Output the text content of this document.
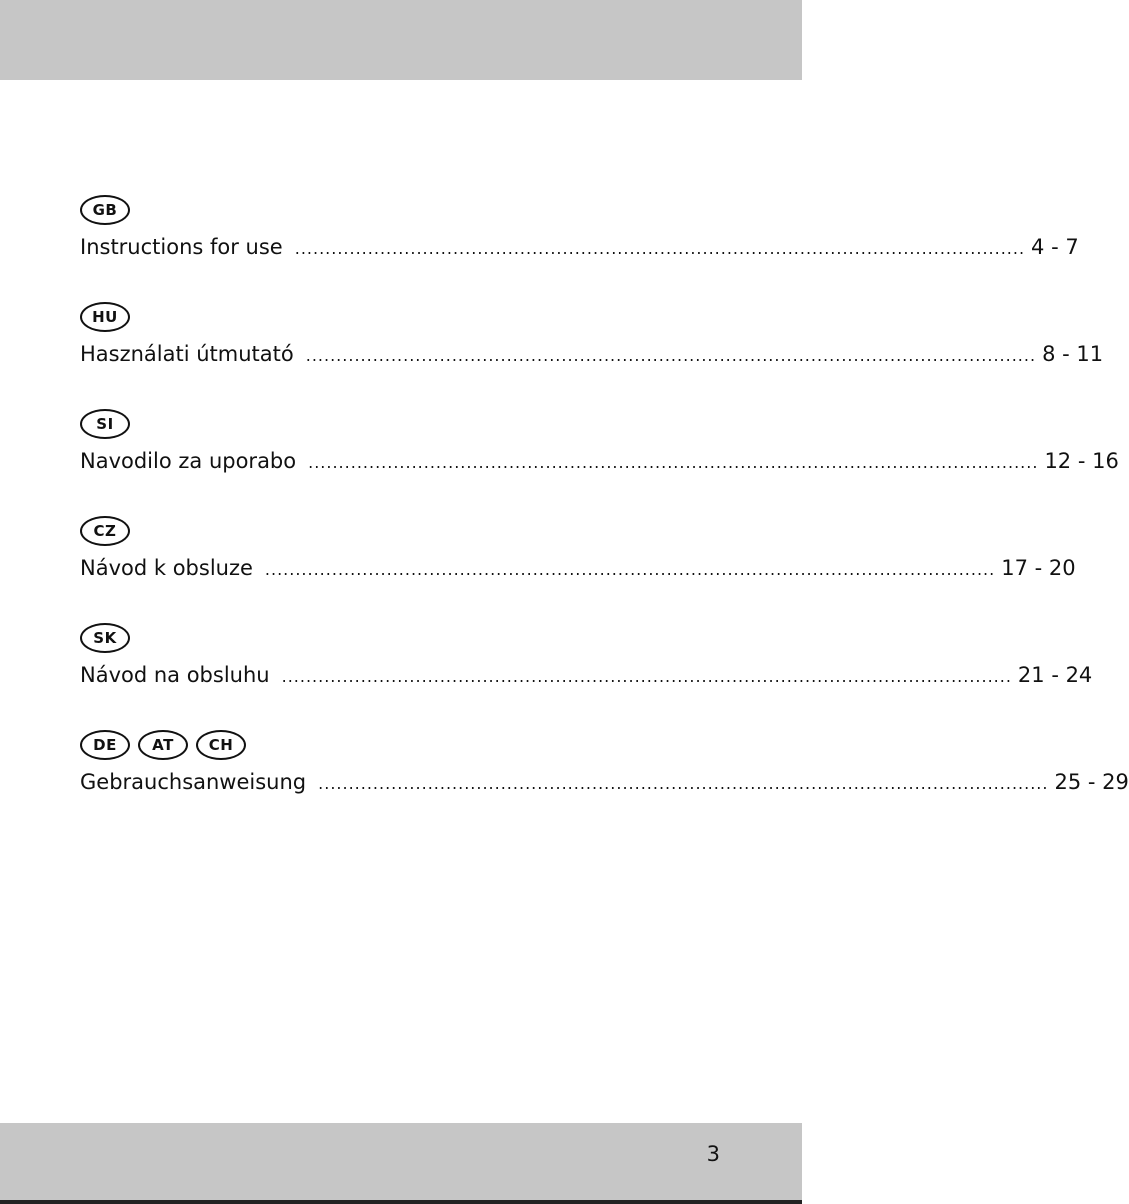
GB
Instructions for use ........................................................................................................................ 4 - 7
HU
Használati útmutató ........................................................................................................................ 8 - 11
SI
Navodilo za uporabo ........................................................................................................................ 12 - 16
CZ
Návod k obsluze ........................................................................................................................ 17 - 20
SK
Návod na obsluhu ........................................................................................................................ 21 - 24
DE	AT	CH
Gebrauchsanweisung ........................................................................................................................ 25 - 29
3
